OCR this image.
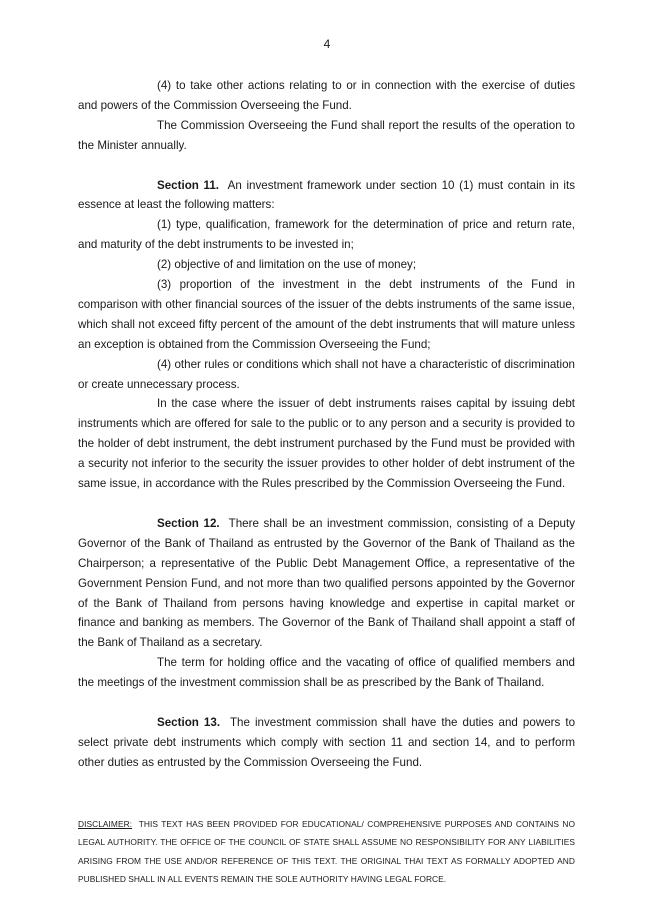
4

(4) to take other actions relating to or in connection with the exercise of duties and powers of the Commission Overseeing the Fund.

The Commission Overseeing the Fund shall report the results of the operation to the Minister annually.

Section 11. An investment framework under section 10 (1) must contain in its essence at least the following matters:

(1) type, qualification, framework for the determination of price and return rate, and maturity of the debt instruments to be invested in;

(2) objective of and limitation on the use of money;

(3) proportion of the investment in the debt instruments of the Fund in comparison with other financial sources of the issuer of the debts instruments of the same issue, which shall not exceed fifty percent of the amount of the debt instruments that will mature unless an exception is obtained from the Commission Overseeing the Fund;

(4) other rules or conditions which shall not have a characteristic of discrimination or create unnecessary process.

In the case where the issuer of debt instruments raises capital by issuing debt instruments which are offered for sale to the public or to any person and a security is provided to the holder of debt instrument, the debt instrument purchased by the Fund must be provided with a security not inferior to the security the issuer provides to other holder of debt instrument of the same issue, in accordance with the Rules prescribed by the Commission Overseeing the Fund.

Section 12. There shall be an investment commission, consisting of a Deputy Governor of the Bank of Thailand as entrusted by the Governor of the Bank of Thailand as the Chairperson; a representative of the Public Debt Management Office, a representative of the Government Pension Fund, and not more than two qualified persons appointed by the Governor of the Bank of Thailand from persons having knowledge and expertise in capital market or finance and banking as members. The Governor of the Bank of Thailand shall appoint a staff of the Bank of Thailand as a secretary.

The term for holding office and the vacating of office of qualified members and the meetings of the investment commission shall be as prescribed by the Bank of Thailand.

Section 13. The investment commission shall have the duties and powers to select private debt instruments which comply with section 11 and section 14, and to perform other duties as entrusted by the Commission Overseeing the Fund.

DISCLAIMER: THIS TEXT HAS BEEN PROVIDED FOR EDUCATIONAL/ COMPREHENSIVE PURPOSES AND CONTAINS NO LEGAL AUTHORITY. THE OFFICE OF THE COUNCIL OF STATE SHALL ASSUME NO RESPONSIBILITY FOR ANY LIABILITIES ARISING FROM THE USE AND/OR REFERENCE OF THIS TEXT. THE ORIGINAL THAI TEXT AS FORMALLY ADOPTED AND PUBLISHED SHALL IN ALL EVENTS REMAIN THE SOLE AUTHORITY HAVING LEGAL FORCE.
